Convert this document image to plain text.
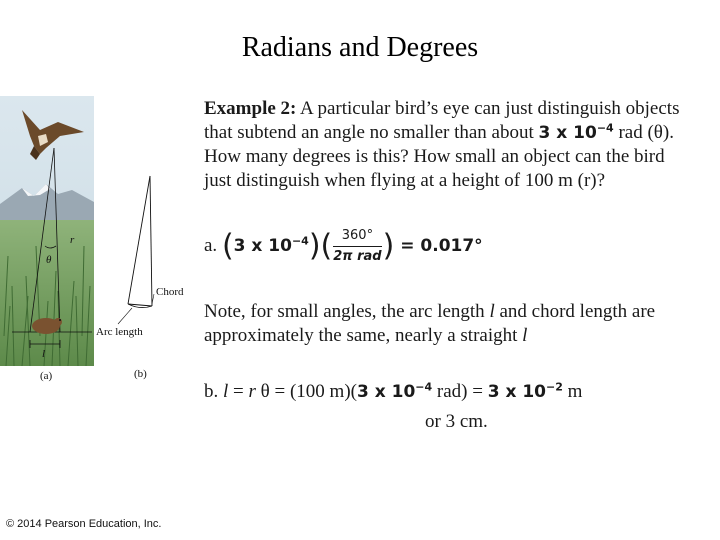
Radians and Degrees
r
θ
l
Chord
Arc length
(a)	(b)
Example 2: A particular bird’s eye can just distinguish objects
that subtend an angle no smaller than about 3 x $10^{-4}$ rad (θ).
How many degrees is this? How small an object can the bird
just distinguish when flying at a height of 100 m (r)?
a. (3 x $10^{-4})( \frac{360^\circ}{\text{2π rad}}$ ) = 0.017°
Note, for small angles, the arc length l and chord length are
approximately the same, nearly a straight l
b. l = r θ = (100 m)(3 x $10^{-4}$ rad) = 3 x $10^{-2}$ m
or 3 cm.
© 2014 Pearson Education, Inc.
